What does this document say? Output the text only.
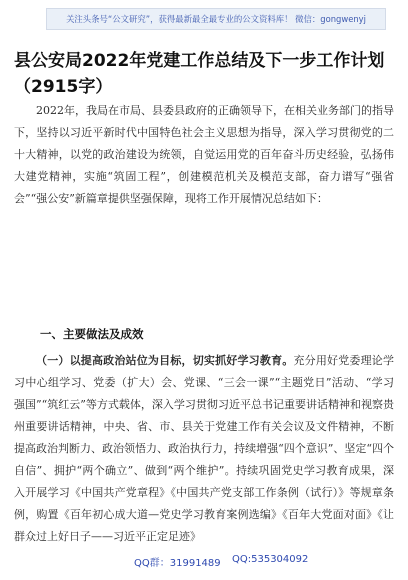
关注头条号“公文研究”，获得最新最全最专业的公文资料库！ 微信：gongwenyj
县公安局2022年党建工作总结及下一步工作计划（2915字）
2022年，我局在市局、县委县政府的正确领导下，在相关业务部门的指导下，坚持以习近平新时代中国特色社会主义思想为指导，深入学习贯彻党的二十大精神，以党的政治建设为统领，自觉运用党的百年奋斗历史经验，弘扬伟大建党精神，实施“筑固工程”，创建模范机关及模范支部，奋力谱写“强省会”“强公安”新篇章提供坚强保障，现将工作开展情况总结如下：
一、主要做法及成效
（一）以提高政治站位为目标，切实抓好学习教育。充分用好党委理论学习中心组学习、党委（扩大）会、党课、“三会一课”“主题党日”活动、“学习强国”“筑红云”等方式载体，深入学习贯彻习近平总书记重要讲话精神和视察贵州重要讲话精神，中央、省、市、县关于党建工作有关会议及文件精神，不断提高政治判断力、政治领悟力、政治执行力，持续增强“四个意识”、坚定“四个自信”、拥护“两个确立”、做到“两个维护”。持续巩固党史学习教育成果，深入开展学习《中国共产党章程》《中国共产党支部工作条例（试行）》等规章条例，购置《百年初心成大道—党史学习教育案例选编》《百年大党面对面》《让群众过上好日子——习近平正定足迹》
QQ群：31991489 QQ:535304092
